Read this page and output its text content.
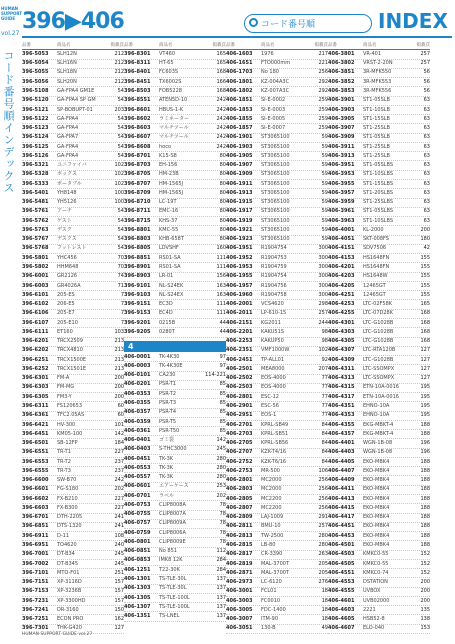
HUMAN SUPPORT GUIDE
vol.27
コード番号順インデックス
396▶406	コード番号順	INDEX
品番	商品名	掲載頁
396-5053	SLH12N	212
396-5054	SLH16N	212
396-5055	SLH18N	212
396-5056	SLH20N	212
396-5108	GA-FPA4 GM1E	54
396-5120	GA-FPA4 SP GM	54
396-5121	SP-BOBUPT-01	203
396-5122	GA-FPA4	54
396-5123	GA-FPA4	54
396-5124	GA-FPA7	54
396-5125	GA-FPA4	54
396-5126	GA-FPA4	54
396-5321	ユニファイバ	102
396-5328	ボックス	102
396-5333	ポータブル	102
396-5401	YH8148	100
396-5481	YH5126	100
396-5761	アーチ	54
396-5762	ゲスト	54
396-5763	デスク	54
396-5767	デスクス	54
396-5768	フットレスト	54
396-5801	YHC456	70
396-5802	HHM648	70
396-6001	GR2126	74
396-6003	GR4026A	71
396-6101	205-ES	7
396-6102	206-E5	7
396-6106	205-E7	7
396-6107	205-E10	7
396-6111	ET160	103
396-6201	TRCX2509	213
396-6202	TRCX4810	213
396-6251	TRCX1500E	213
396-6252	TRCX1501E	213
396-6301	FM-A	200
396-6303	FM-MG	200
396-6305	FM3-Y	200
396-6311	FS120653	60
396-6361	TFC2.05AS	60
396-6421	HV-300	101
396-6451	KM05-100	142
396-6501	SB-12FP	184
396-6551	TR-T1	227
396-6553	TR-T2	237
396-6555	TR-T3	237
396-6600	SW-B70	242
396-6601	FG-S180	202
396-6602	FX-B210	227
396-6603	FX-B300	227
396-6701	DTH-2205	241
396-6851	DTS-1320	241
396-6911	D-11	108
396-6951	TO4620	240
396-7001	DT-B34	245
396-7002	DT-B345	245
396-7101	MTO-F01	251
396-7151	XP-3116D	157
396-7153	XP-3236B	157
396-7231	XP-3300HD	157
396-7241	DR-3160	150
396-7251	ECON PRO	162
396-7301	THK-G420	127
品番	商品名	掲載頁
396-8301	VT460	165
396-8311	HT-65	165
396-8401	FC603S	168
396-8451	TX6002S	166
396-8503	FOB5228	168
396-8551	ATEN5D-10	242
396-8601	HBUS-1-K	242
396-8602	ラミネーター	242
396-8603	マルチツール	242
396-8607	マルチツール	242
396-8608	hoco	242
396-8701	K15-S8	80
396-8703	EH-156	80
396-8705	HM-23B	80
396-8707	HM-1565J	80
396-8709	HM-1565J	80
396-8710	LC-19T	80
396-8711	EMC-16	80
396-8715	KHS-37	80
396-8801	KMC-55	80
396-8803	KHB-658T	80
396-8805	LDVSHF	160
396-8851	RS01-SA	111
396-8901	RS01-SA	111
396-8903	LR-01	156
396-9101	NL-S24EK	163
396-9103	NL-S24EX	163
396-9151	EC3D	111
396-9153	EC4D	111
396-9201	0215B	44
396-9205	0280T	44
品番	商品名	掲載頁
406-1603	1976	217
406-1651	FTO000mm	221
406-1703	No 180	256
406-1801	KZ-004A3C	292
406-1802	KZ-007A3C	292
406-1851	SI-E-0002	259
406-1853	SI-E-0003	259
406-1855	SI-E-0005	259
406-1857	SI-E-0007	259
406-1901	ST3065100	59
406-1903	ST3065100	59
406-1905	ST3065100	59
406-1907	ST3065100	59
406-1909	ST3065100	59
406-1911	ST3065100	59
406-1913	ST3065100	59
406-1915	ST3065100	59
406-1917	ST3065100	59
406-1919	ST3065100	59
406-1921	ST3065100	59
406-1923	ST3065100	59
406-1951	R1904754	300
406-1952	R1904753	300
406-1953	R1904759	300
406-1955	R1904754	300
406-1957	R1904756	300
406-1960	R1904758	300
406-2001	VCS4620	298
406-2011	LP-610-15	257
406-2151	KG2011	244
406-2201	KAKU51S	98
406-2253	KAKUP50	98
406-2351	VMF1000W	102
406-2451	TP-ALL01	92
406-2501	MEA8000	207
406-2502	EOS-4000	77
406-2503	EOS-4000	77
406-2801	ESC-12	77
406-2901	ESC-56	77
406-2951	EOS-1	77
406-2701	KPRL-SB49	84
406-2703	KPRL-SB51	84
406-2705	KPRL-SB56	84
406-2707	KZK-T4/16	84
406-2752	KZK-T6/16	84
406-2753	MR-500	106
406-2801	MC2000	256
406-2803	MC2000	256
406-2805	MC2200	256
406-2807	MC2200	256
406-2809	LAJ-1009	291
406-2811	BMU-10	257
406-2813	TW-2500	280
406-2815	LB-80	280
406-2817	CR-3390	263
406-2819	MAL-3700T	205
406-2871	MAL-3700T	205
406-2973	LC-6120	276
406-3001	FCL01	18
406-3003	FC0010	18
406-3005	FDC-1400	18
406-3007	ITM-90	18
406-3051	130-B	49
品番	商品名	掲載頁
406-3801	VR-401	257
406-3802	VRST-2-20N	257
406-3851	3R-MFK550	56
406-3852	3R-MFK553	56
406-3853	3R-MFK556	56
406-3901	ST1-05SLB	63
406-3903	ST1-10SLB	63
406-3905	ST1-15SLB	63
406-3907	ST1-25SLB	63
406-3909	ST1-05SLB	63
406-3911	ST1-25SLB	63
406-3913	ST1-25SLB	63
406-3951	ST1-05SLBS	63
406-3953	ST1-10SLBS	63
406-3955	ST1-15SLBS	63
406-3957	ST1-20SLBS	63
406-3959	ST1-25SLBS	63
406-3961	ST1-05SLBS	63
406-3963	ST1-10SLBS	63
406-4001	KL-2000	200
406-4051	SKT-008FS	180
406-4151	SDV7506	42
406-4153	HS1648FN	155
406-4201	HS1648FN	155
406-4203	HS1648W	155
406-4205	12465GT	155
406-4251	12465GT	155
406-4253	LTC-02F58K	165
406-4255	LTC-07D28K	168
406-4301	LTC-G1028B	168
406-4303	LTC-G1028B	168
406-4305	LTC-G1028B	168
406-4307	LTC-RTA120B	127
406-4309	LTC-G1028B	127
406-4311	LTC-SSOMPX	127
406-4313	LTC-SSOMPX	127
406-4315	ETN-10A-0016	195
406-4317	ETN-10A-0016	195
406-4351	EHNO-10A	195
406-4353	EHNO-10A	195
406-4355	EKG-MBKT-4	188
406-4357	EKG-MBKT-4	188
406-4401	WGN-1B-08	196
406-4403	WGN-1B-08	196
406-4405	EKO-MBK4	188
406-4407	EKO-MBK4	188
406-4409	EKO-MBK4	188
406-4411	EKO-MBK4	188
406-4413	EKO-MBK4	188
406-4415	EKO-MBK4	188
406-4417	EKO-MBK4	188
406-4451	EKO-MBK4	188
406-4453	EKO-MBK4	188
406-4501	EKO-MBK4	188
406-4503	KMKC0-55	152
406-4505	KMKC0-55	152
406-4551	KMKC0-74	152
406-4553	DSTATION	200
406-4555	UVBOX	200
406-4601	UVB02000	200
406-4603	2221	135
406-4605	HSB52-8	138
406-4607	ELO-040	153
4
406-0001	TK-4K30	97
406-0003	TK-4K30E	97
406-0101	CA230	114-221
406-0201	PSR-T1	85
406-0353	PSR-T2	85
406-0355	PSR-T3	85
406-0357	PSR-T4	85
406-0359	PSR-T5	85
406-0361	PSR-T50	85
406-0401	ゴミ袋	142
406-0403	S-THC3000	245
406-0451	TK-3K	280
406-0553	TK-3K	280
406-0557	TK-3K	280
406-0601	エアーケース	253
406-0701	ラベル	202
406-0753	CLIP8008A	78
406-0755	CLIP8007A	78
406-0757	CLIP8009A	78
406-0759	CLIP8006A	78
406-0801	CLIP8009E	78
406-0851	No 851	112
406-0853	IMK8 12K	284
406-1251	T22-30K	284
406-1301	TS-TLE-30L	137
406-1303	TS-TLE-30L	137
406-1305	TS-TLE-100L	137
406-1307	TS-TLE-100L	137
406-1351	TS-LNEL	137
HUMAN SUPPORT GUIDE vol.27
